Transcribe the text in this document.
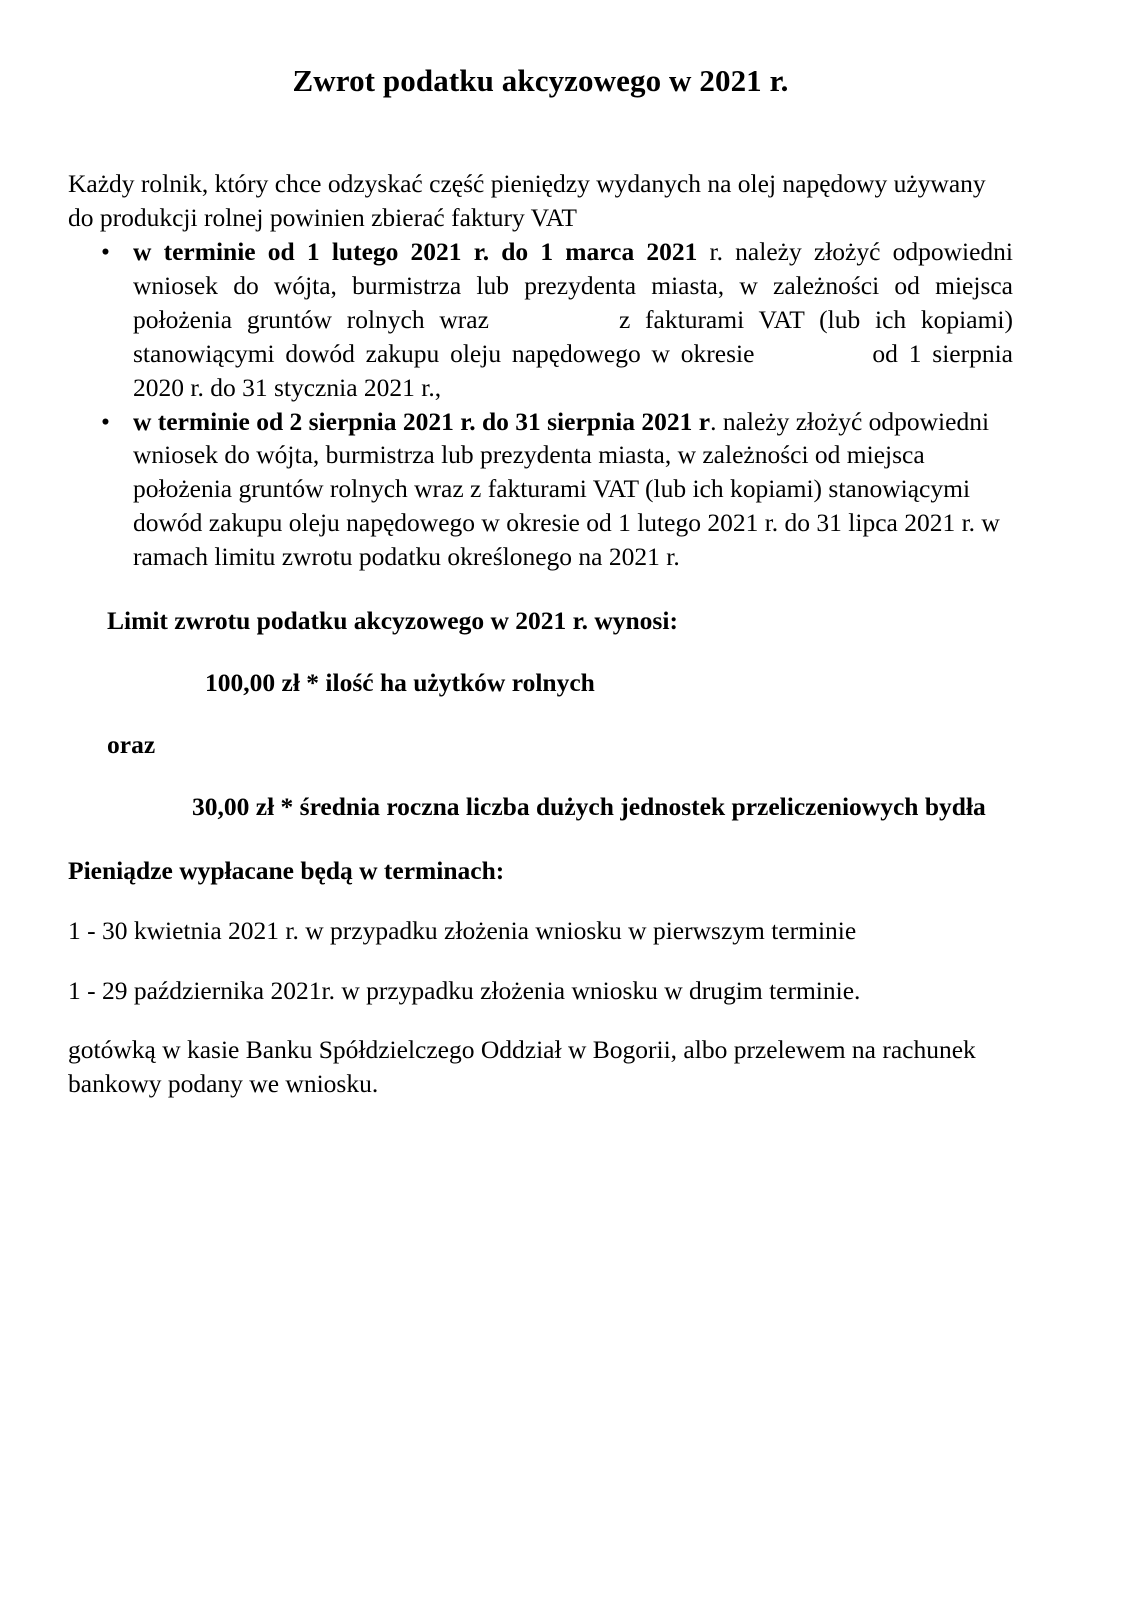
Zwrot podatku akcyzowego w 2021 r.

Każdy rolnik, który chce odzyskać część pieniędzy wydanych na olej napędowy używany do produkcji rolnej powinien zbierać faktury VAT

• w terminie od 1 lutego 2021 r. do 1 marca 2021 r. należy złożyć odpowiedni wniosek do wójta, burmistrza lub prezydenta miasta, w zależności od miejsca położenia gruntów rolnych wraz	z fakturami VAT (lub ich kopiami) stanowiącymi dowód zakupu oleju napędowego w okresie	od 1 sierpnia 2020 r. do 31 stycznia 2021 r.,
• w terminie od 2 sierpnia 2021 r. do 31 sierpnia 2021 r. należy złożyć odpowiedni wniosek do wójta, burmistrza lub prezydenta miasta, w zależności od miejsca położenia gruntów rolnych wraz z fakturami VAT (lub ich kopiami) stanowiącymi dowód zakupu oleju napędowego w okresie od 1 lutego 2021 r. do 31 lipca 2021 r. w ramach limitu zwrotu podatku określonego na 2021 r.

Limit zwrotu podatku akcyzowego w 2021 r. wynosi:

100,00 zł * ilość ha użytków rolnych

oraz

30,00 zł * średnia roczna liczba dużych jednostek przeliczeniowych bydła

Pieniądze wypłacane będą w terminach:

1 - 30 kwietnia 2021 r. w przypadku złożenia wniosku w pierwszym terminie

1 - 29 października 2021r. w przypadku złożenia wniosku w drugim terminie.

gotówką w kasie Banku Spółdzielczego Oddział w Bogorii, albo przelewem na rachunek bankowy podany we wniosku.
